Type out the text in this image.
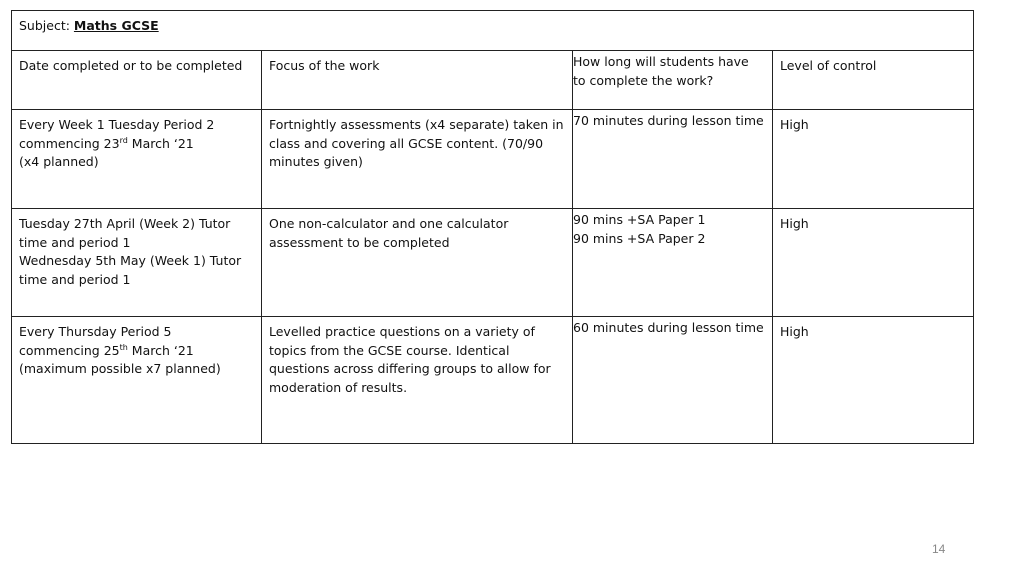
Subject: Maths GCSE			
Date completed or to be completed	Focus of the work	How long will students have to complete the work?	Level of control

Every Week 1 Tuesday Period 2
commencing 23rd March ‘21
(x4 planned)	Fortnightly assessments (x4 separate) taken in class and covering all GCSE content. (70/90 minutes given)	70 minutes during lesson time	High

Tuesday 27th April (Week 2) Tutor time and period 1
Wednesday 5th May (Week 1) Tutor time and period 1	One non-calculator and one calculator assessment to be completed	90 mins +SA Paper 1
90 mins +SA Paper 2	High
Every Thursday Period 5 commencing 25th March ‘21 (maximum possible x7 planned)	Levelled practice questions on a variety of topics from the GCSE course. Identical questions across differing groups to allow for moderation of results.	60 minutes during lesson time	High
14
